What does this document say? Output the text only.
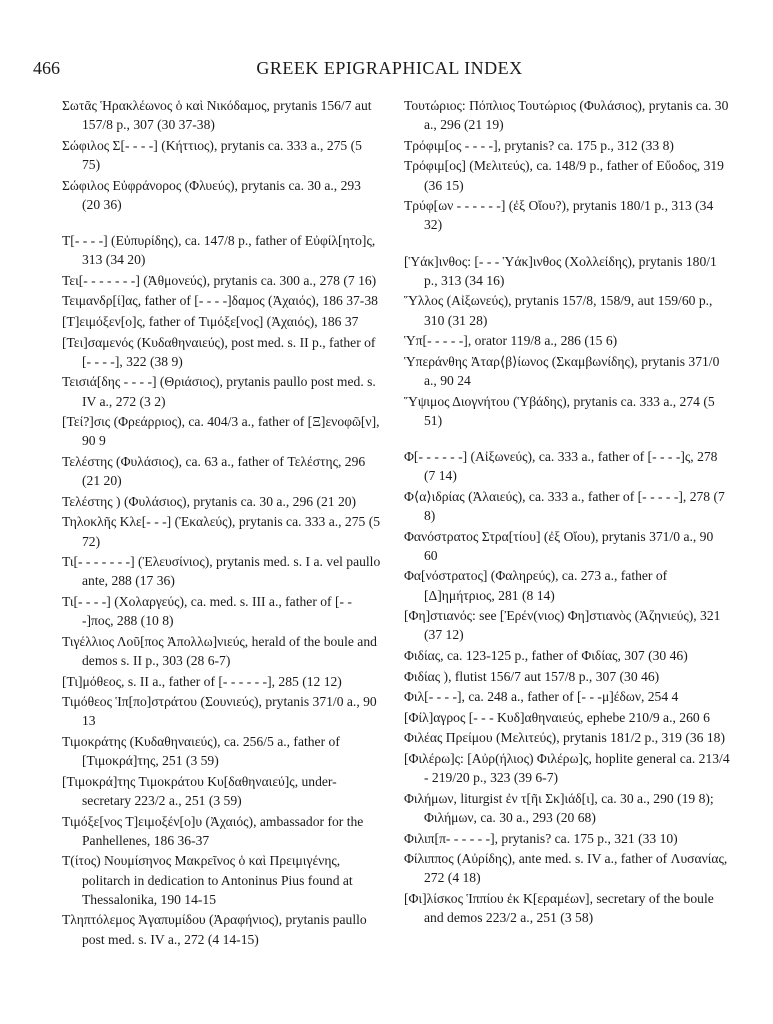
466	GREEK EPIGRAPHICAL INDEX

Σωτᾶς Ἡρακλέωνος ὁ καὶ Νικόδαμος, prytanis 156/7 aut 157/8 p., 307 (30 37-38)

Σώφιλος Σ[- - - -] (Κήττιος), prytanis ca. 333 a., 275 (5 75)

Σώφιλος Εὐφράνορος (Φλυεύς), prytanis ca. 30 a., 293 (20 36)

Τ[- - - -] (Εὐπυρίδης), ca. 147/8 p., father of Εὐφίλ[ητο]ς, 313 (34 20)

Τει[- - - - - - -] (Ἀθμονεύς), prytanis ca. 300 a., 278 (7 16)

Τειμανδρ[ί]ας, father of [- - - -]δαμος (Ἀχαιός), 186 37-38

[Τ]ειμόξεν[ο]ς, father of Τιμόξε[νος] (Ἀχαιός), 186 37

[Τει]σαμενός (Κυδαθηναιεύς), post med. s. II p., father of [- - - -], 322 (38 9)

Τεισιά[δης - - - -] (Θριάσιος), prytanis paullo post med. s. IV a., 272 (3 2)

[Τεί?]σις (Φρεάρριος), ca. 404/3 a., father of [Ξ]ενοφῶ[ν], 90 9

Τελέστης (Φυλάσιος), ca. 63 a., father of Τελέστης, 296 (21 20)

Τελέστης ) (Φυλάσιος), prytanis ca. 30 a., 296 (21 20)

Τηλοκλῆς Κλε[- - -] (Ἐκαλεύς), prytanis ca. 333 a., 275 (5 72)

Τι[- - - - - - -] (Ἐλευσίνιος), prytanis med. s. I a. vel paullo ante, 288 (17 36)

Τι[- - - -] (Χολαργεύς), ca. med. s. III a., father of [- - -]πος, 288 (10 8)

Τιγέλλιος Λοῦ[πος Ἀπολλω]νιεύς, herald of the boule and demos s. II p., 303 (28 6-7)

[Τι]μόθεος, s. II a., father of [- - - - - -], 285 (12 12)

Τιμόθεος Ἱπ[πο]στράτου (Σουνιεύς), prytanis 371/0 a., 90 13

Τιμοκράτης (Κυδαθηναιεύς), ca. 256/5 a., father of [Τιμοκρά]της, 251 (3 59)

[Τιμοκρά]της Τιμοκράτου Κυ[δαθηναιεύ]ς, under-secretary 223/2 a., 251 (3 59)

Τιμόξε[νος Τ]ειμοξέν[ο]υ (Ἀχαιός), ambassador for the Panhellenes, 186 36-37

Τ(ίτος) Νουμίσηνος Μακρεῖνος ὁ καὶ Πρειμιγένης, politarch in dedication to Antoninus Pius found at Thessalonika, 190 14-15

Τληπτόλεμος Ἀγαπυμίδου (Ἀραφήνιος), prytanis paullo post med. s. IV a., 272 (4 14-15)

Τουτώριος: Πόπλιος Τουτώριος (Φυλάσιος), prytanis ca. 30 a., 296 (21 19)

Τρόφιμ[ος - - - -], prytanis? ca. 175 p., 312 (33 8)

Τρόφιμ[ος] (Μελιτεύς), ca. 148/9 p., father of Εὔοδος, 319 (36 15)

Τρύφ[ων - - - - - -] (ἐξ Οἴου?), prytanis 180/1 p., 313 (34 32)

[Ὑάκ]ινθος: [- - - Ὑάκ]ινθος (Χολλείδης), prytanis 180/1 p., 313 (34 16)

Ὕλλος (Αἰξωνεύς), prytanis 157/8, 158/9, aut 159/60 p., 310 (31 28)

Ὑπ[- - - - -], orator 119/8 a., 286 (15 6)

Ὑπεράνθης Ἀταρ⟨β⟩ίωνος (Σκαμβωνίδης), prytanis 371/0 a., 90 24

Ὕψιμος Διογνήτου (Ὑβάδης), prytanis ca. 333 a., 274 (5 51)

Φ[- - - - - -] (Αἰξωνεύς), ca. 333 a., father of [- - - -]ς, 278 (7 14)

Φ⟨α⟩ιδρίας (Ἁλαιεύς), ca. 333 a., father of [- - - - -], 278 (7 8)

Φανόστρατος Στρα[τίου] (ἐξ Οἴου), prytanis 371/0 a., 90 60

Φα[νόστρατος] (Φαληρεύς), ca. 273 a., father of [Δ]ημήτριος, 281 (8 14)

[Φη]στιανός: see [Ἐρέν(νιος) Φη]στιανὸς (Ἀζηνιεύς), 321 (37 12)

Φιδίας, ca. 123-125 p., father of Φιδίας, 307 (30 46)

Φιδίας ), flutist 156/7 aut 157/8 p., 307 (30 46)

Φιλ[- - - -], ca. 248 a., father of [- - -μ]έδων, 254 4

[Φίλ]αγρος [- - - Κυδ]αθηναιεύς, ephebe 210/9 a., 260 6

Φιλέας Πρείμου (Μελιτεύς), prytanis 181/2 p., 319 (36 18)

[Φιλέρω]ς: [Αὐρ(ήλιος) Φιλέρω]ς, hoplite general ca. 213/4 - 219/20 p., 323 (39 6-7)

Φιλήμων, liturgist ἐν τ[ῆι Σκ]ιάδ[ι], ca. 30 a., 290 (19 8); Φιλήμων, ca. 30 a., 293 (20 68)

Φιλιπ[π- - - - - -], prytanis? ca. 175 p., 321 (33 10)

Φίλιππος (Αὐρίδης), ante med. s. IV a., father of Λυσανίας, 272 (4 18)

[Φι]λίσκος Ἱππίου ἐκ Κ[εραμέων], secretary of the boule and demos 223/2 a., 251 (3 58)
